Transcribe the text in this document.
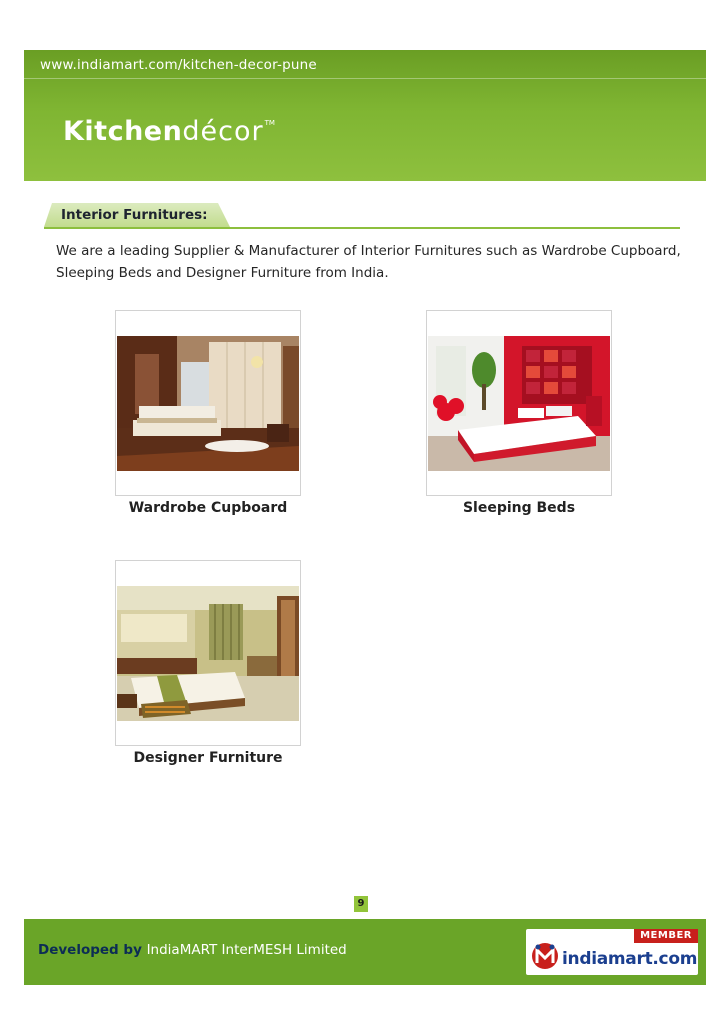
www.indiamart.com/kitchen-decor-pune
Kitchendécor™
Interior Furnitures:
We are a leading Supplier & Manufacturer of Interior Furnitures such as Wardrobe Cupboard, Sleeping Beds and Designer Furniture from India.
Wardrobe Cupboard	Sleeping Beds
Designer Furniture
9
Developed by IndiaMART InterMESH Limited
MEMBER
indiamart.com
